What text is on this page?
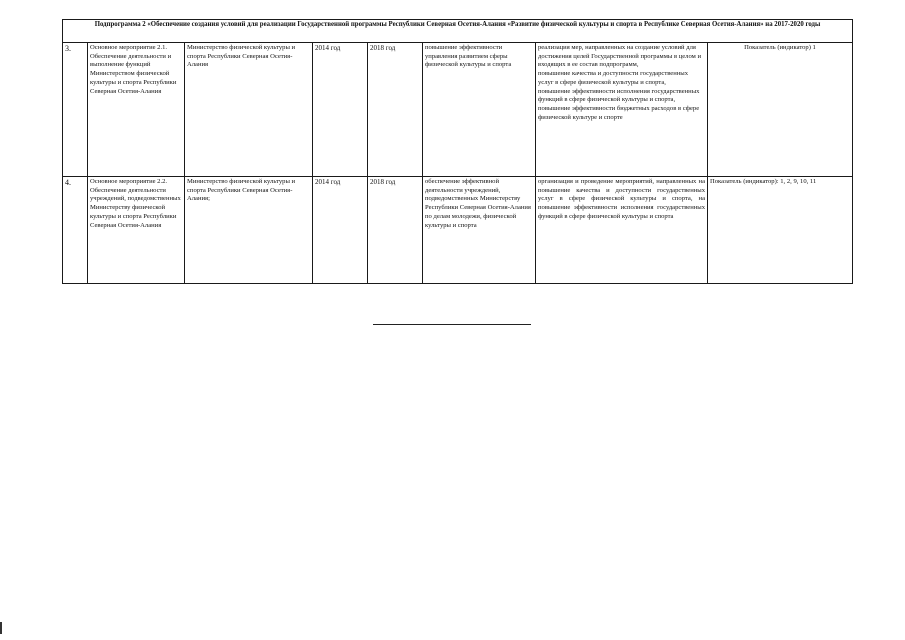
Подпрограмма 2 «Обеспечение создания условий для реализации Государственной программы Республики Северная Осетия-Алания «Развитие физической культуры и спорта в Республике Северная Осетия-Алания» на 2017-2020 годы							
3.	Основное мероприятие 2.1. Обеспечение деятельности и выполнение функций Министерством физической культуры и спорта Республики Северная Осетия-Алания	Министерство физической культуры и спорта Республики Северная Осетия-Алания	2014 год	2018 год	повышение эффективности управления развитием сферы физической культуры и спорта	реализация мер, направленных на создание условий для достижения целей Государственной программы в целом и входящих в ее состав подпрограмм,
повышение качества и доступности государственных услуг в сфере физической культуры и спорта,
повышение эффективности исполнения государственных функций в сфере физической культуры и спорта,
повышение эффективности бюджетных расходов в сфере физической культуре и спорте	Показатель (индикатор) 1
4.	Основное мероприятие 2.2. Обеспечение деятельности учреждений, подведомственных Министерству физической культуры и спорта Республики Северная Осетия-Алания	Министерство физической культуры и спорта Республики Северная Осетия-Алания;	2014 год	2018 год	обеспечение эффективной деятельности учреждений, подведомственных Министерству Республики Северная Осетия-Алания по делам молодежи, физической культуры и спорта	организация и проведение мероприятий, направленных на повышение качества и доступности государственных услуг в сфере физической культуры и спорта, на повышение эффективности исполнения государственных функций в сфере физической культуры и спорта	Показатель (индикатор): 1, 2, 9, 10, 11
